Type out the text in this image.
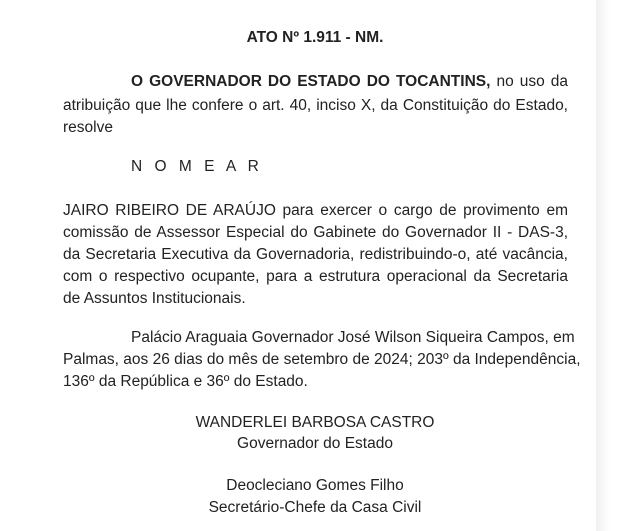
ATO Nº 1.911 - NM.

O GOVERNADOR DO ESTADO DO TOCANTINS, no uso da

atribuição que lhe confere o art. 40, inciso X, da Constituição do Estado,

resolve

N O M E A R

JAIRO RIBEIRO DE ARAÚJO para exercer o cargo de provimento em

comissão de Assessor Especial do Gabinete do Governador II - DAS-3,

da Secretaria Executiva da Governadoria, redistribuindo-o, até vacância,

com o respectivo ocupante, para a estrutura operacional da Secretaria

de Assuntos Institucionais.

Palácio Araguaia Governador José Wilson Siqueira Campos, em

Palmas, aos 26 dias do mês de setembro de 2024; 203º da Independência,

136º da República e 36º do Estado.

WANDERLEI BARBOSA CASTRO

Governador do Estado

Deocleciano Gomes Filho

Secretário-Chefe da Casa Civil
